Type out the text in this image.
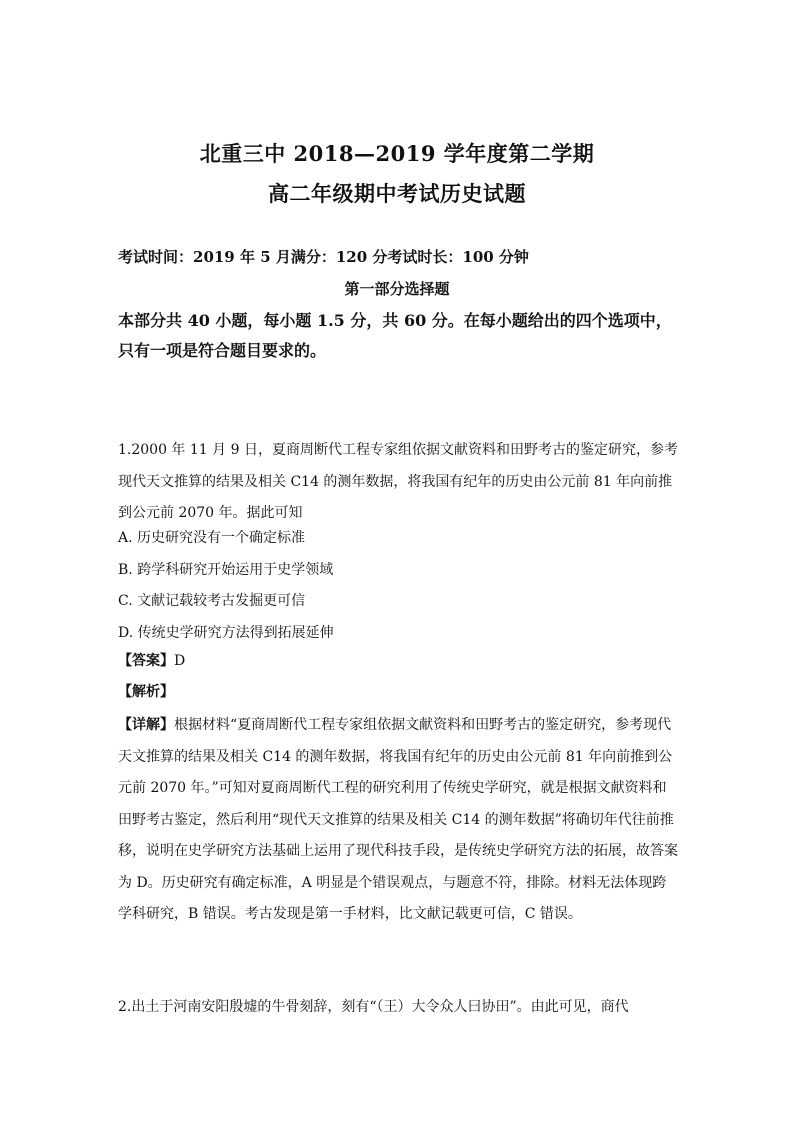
北重三中 2018—2019 学年度第二学期
高二年级期中考试历史试题
考试时间：2019 年 5 月满分：120 分考试时长：100 分钟
第一部分选择题

本部分共 40 小题，每小题 1.5 分，共 60 分。在每小题给出的四个选项中，只有一项是符合题目要求的。

1.2000 年 11 月 9 日，夏商周断代工程专家组依据文献资料和田野考古的鉴定研究，参考现代天文推算的结果及相关 C14 的测年数据，将我国有纪年的历史由公元前 81 年向前推到公元前 2070 年。据此可知

A. 历史研究没有一个确定标准
B. 跨学科研究开始运用于史学领域
C. 文献记载较考古发掘更可信
D. 传统史学研究方法得到拓展延伸
【答案】D
【解析】

【详解】根据材料“夏商周断代工程专家组依据文献资料和田野考古的鉴定研究，参考现代天文推算的结果及相关 C14 的测年数据，将我国有纪年的历史由公元前 81 年向前推到公元前 2070 年。”可知对夏商周断代工程的研究利用了传统史学研究，就是根据文献资料和田野考古鉴定，然后利用“现代天文推算的结果及相关 C14 的测年数据”将确切年代往前推移，说明在史学研究方法基础上运用了现代科技手段，是传统史学研究方法的拓展，故答案为 D。历史研究有确定标准，A 明显是个错误观点，与题意不符，排除。材料无法体现跨学科研究，B 错误。考古发现是第一手材料，比文献记载更可信，C 错误。

2.出土于河南安阳殷墟的牛骨刻辞，刻有“（王）大令众人曰协田”。由此可见，商代
